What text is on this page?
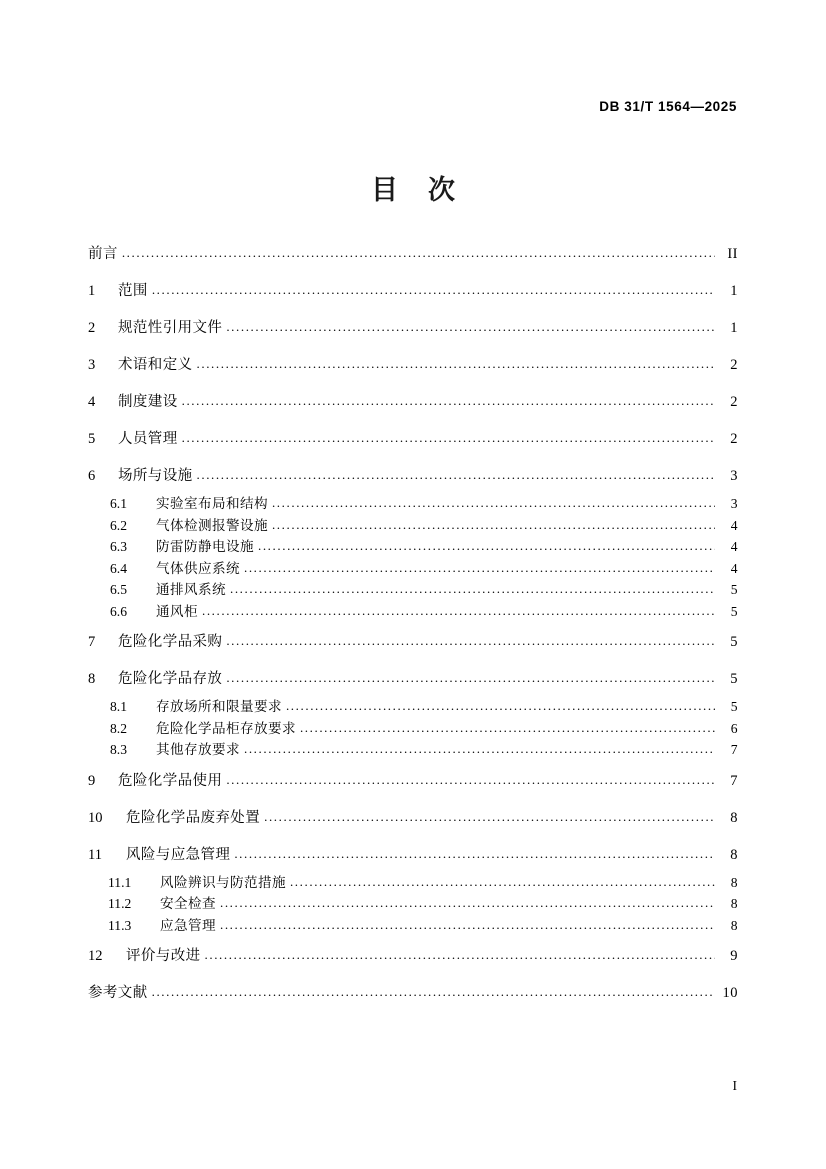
DB 31/T 1564—2025
目 次
前言 .....	II
1	范围 .....	1
2	规范性引用文件 .....	1
3	术语和定义 .....	2
4	制度建设 .....	2
5	人员管理 .....	2
6	场所与设施 .....	3
6.1	实验室布局和结构 .....	3
6.2	气体检测报警设施 .....	4
6.3	防雷防静电设施 .....	4
6.4	气体供应系统 .....	4
6.5	通排风系统 .....	5
6.6	通风柜 .....	5
7	危险化学品采购 .....	5
8	危险化学品存放 .....	5
8.1	存放场所和限量要求 .....	5
8.2	危险化学品柜存放要求 .....	6
8.3	其他存放要求 .....	7
9	危险化学品使用 .....	7
10	危险化学品废弃处置 .....	8
11	风险与应急管理 .....	8
11.1	风险辨识与防范措施 .....	8
11.2	安全检查 .....	8
11.3	应急管理 .....	8
12	评价与改进 .....	9
参考文献 .....	10
I
